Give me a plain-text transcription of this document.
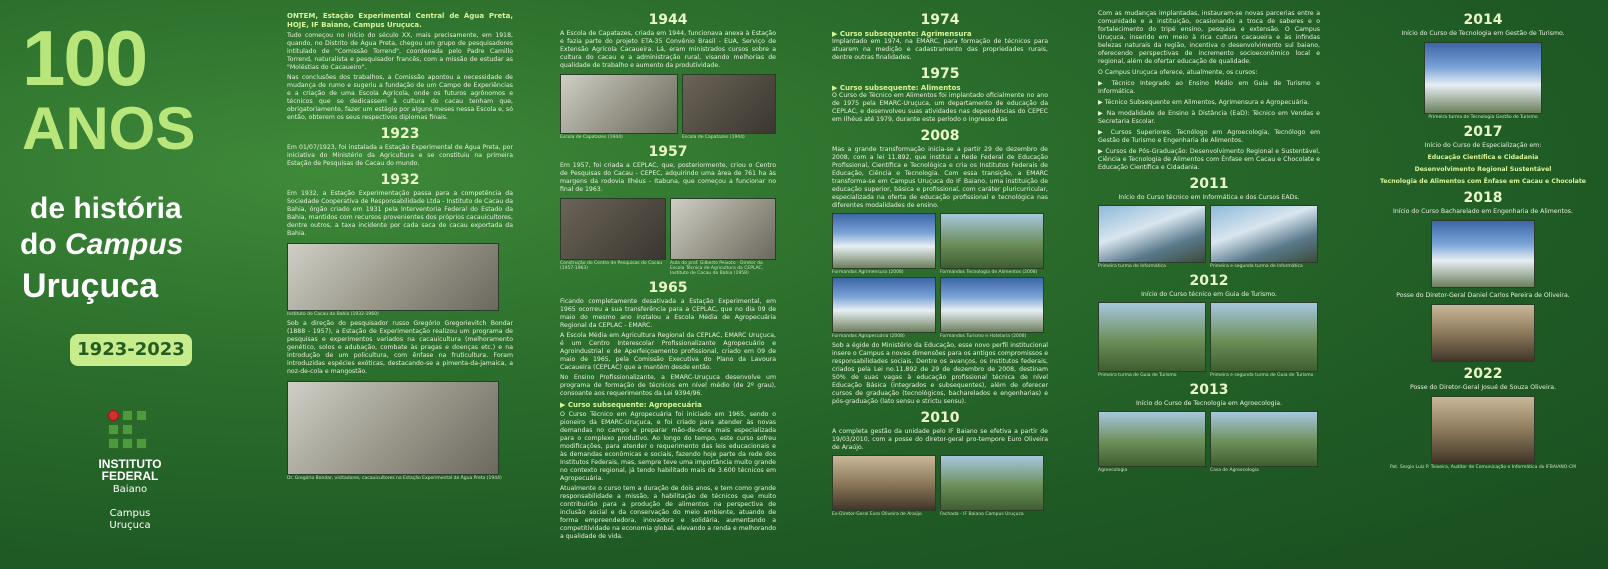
100
ANOS
de história
do Campus
Uruçuca
1923-2023
INSTITUTO
FEDERAL
Baiano
Campus
Uruçuca
ONTEM, Estação Experimental Central de Água Preta, HOJE, IF Baiano, Campus Uruçuca.
Tudo começou no início do século XX, mais precisamente, em 1918, quando, no Distrito de Água Preta, chegou um grupo de pesquisadores intitulado de "Comissão Torrend", coordenada pelo Padre Camillo Torrend, naturalista e pesquisador francês, com a missão de estudar as "Moléstias do Cacaueiro".
Nas conclusões dos trabalhos, a Comissão apontou a necessidade de mudança de rumo e sugeriu a fundação de um Campo de Experiências e a criação de uma Escola Agrícola, onde os futuros agrônomos e técnicos que se dedicassem à cultura do cacau tenham que, obrigatoriamente, fazer um estágio por alguns meses nessa Escola e, só então, obterem os seus respectivos diplomas finais.
1923
Em 01/07/1923, foi instalada a Estação Experimental de Água Preta, por iniciativa do Ministério da Agricultura e se constituiu na primeira Estação de Pesquisas de Cacau do mundo.
1932
Em 1932, a Estação Experimentação passa para a competência da Sociedade Cooperativa de Responsabilidade Ltda - Instituto de Cacau da Bahia, órgão criado em 1931 pela Interventoria Federal do Estado da Bahia, mantidos com recursos provenientes dos próprios cacauicultores, dentre outros, a taxa incidente por cada saca de cacau exportada da Bahia.
Instituto do Cacau da Bahia (1932-1960)
Sob a direção do pesquisador russo Gregório Gregorievitch Bondar (1888 - 1957), a Estação de Experimentação realizou um programa de pesquisas e experimentos variados na cacauicultura (melhoramento genético, solos e adubação, combate às pragas e doenças etc.) e na introdução de um policultura, com ênfase na fruticultura. Foram introduzidas espécies exóticas, destacando-se a pimenta-da-jamaica, a noz-de-cola e mangostão.
Dr. Gregório Bondar, visitadores, cacauicultores na Estação Experimental de Água Preta (1944)
1944
A Escola de Capatazes, criada em 1944, funcionava anexa à Estação e fazia parte do projeto ETA-35 Convênio Brasil - EUA, Serviço de Extensão Agrícola Cacaueira. Lá, eram ministrados cursos sobre a cultura do cacau e a administração rural, visando melhorias de qualidade de trabalho e aumento da produtividade.
Escola de Capatazes (1944)	Escola de Capatazes (1944)
1957
Em 1957, foi criada a CEPLAC, que, posteriormente, criou o Centro de Pesquisas do Cacau - CEPEC, adquirindo uma área de 761 ha às margens da rodovia Ilhéus - Itabuna, que começou a funcionar no final de 1963.
Construção do Centro de Pesquisas do Cacau (1957-1963)
Aula do prof. Gilberto Peixoto - Diretor da Escola Técnica de Agricultura da CEPLAC, Instituto de Cacau da Bahia (1958)
1965
Ficando completamente desativada a Estação Experimental, em 1965 ocorreu a sua transferência para a CEPLAC, que no dia 09 de maio do mesmo ano instalou a Escola Média de Agropecuária Regional da CEPLAC - EMARC.
A Escola Média em Agricultura Regional da CEPLAC, EMARC Uruçuca, é um Centro Interescolar Profissionalizante Agropecuário e Agroindustrial e de Aperfeiçoamento profissional, criado em 09 de maio de 1965, pela Comissão Executiva do Plano da Lavoura Cacaueira (CEPLAC) que a mantém desde então.
No Ensino Profissionalizante, a EMARC-Uruçuca desenvolve um programa de formação de técnicos em nível médio (de 2º grau), consoante aos requerimentos da Lei 9394/96.
▶ Curso subsequente: Agropecuária
O Curso Técnico em Agropecuária foi iniciado em 1965, sendo o pioneiro da EMARC-Uruçuca, e foi criado para atender às novas demandas no campo e preparar mão-de-obra mais especializada para o complexo produtivo. Ao longo do tempo, este curso sofreu modificações, para atender o requerimento das leis educacionais e às demandas econômicas e sociais, fazendo hoje parte da rede dos Institutos Federais, mas, sempre teve uma importância muito grande no contexto regional, já tendo habilitado mais de 3.600 técnicos em Agropecuária.
Atualmente o curso tem a duração de dois anos, e tem como grande responsabilidade a missão, a habilitação de técnicos que muito contribuirão para a produção de alimentos na perspectiva de inclusão social e da conservação do meio ambiente, atuando de forma empreendedora, inovadora e solidária, aumentando a competitividade na economia global, elevando a renda e melhorando a qualidade de vida.
1974
▶ Curso subsequente: Agrimensura
Implantado em 1974, na EMARC, para formação de técnicos para atuarem na medição e cadastramento das propriedades rurais, dentre outras finalidades.
1975
▶ Curso subsequente: Alimentos
O Curso de Técnico em Alimentos foi implantado oficialmente no ano de 1975 pela EMARC-Uruçuca, um departamento de educação da CEPLAC, e desenvolveu suas atividades nas dependências do CEPEC em Ilhéus até 1979, durante este período o ingresso das
2008
Mas a grande transformação inicia-se a partir 29 de dezembro de 2008, com a lei 11.892, que institui a Rede Federal de Educação Profissional, Científica e Tecnológica e cria os Institutos Federais de Educação, Ciência e Tecnologia. Com essa transição, a EMARC transforma-se em Campus Uruçuca do IF Baiano, uma instituição de educação superior, básica e profissional, com caráter pluricurricular, especializada na oferta de educação profissional e tecnológica nas diferentes modalidades de ensino.
Formandos Agrimensura (2008)	Formandos Tecnologia de Alimentos (2008)
Formandos Agropecuária (2008)	Formandos Turismo e Hotelaria (2008)
Sob a égide do Ministério da Educação, esse novo perfil institucional insere o Campus a novas dimensões para os antigos compromissos e responsabilidades sociais. Dentre os avanços, os institutos federais, criados pela Lei no.11.892 de 29 de dezembro de 2008, destinam 50% de suas vagas à educação profissional técnica de nível Educação Básica (integrados e subsequentes), além de oferecer cursos de graduação (tecnológicos, bacharelados e engenharias) e pós-graduação (lato sensu e strictu sensu).
2010
A completa gestão da unidade pelo IF Baiano se efetiva a partir de 19/03/2010, com a posse do diretor-geral pro-tempore Euro Oliveira de Araújo.
Ex-Diretor-Geral Euro Oliveira de Araújo	Fachada - IF Baiano Campus Uruçuca
Com as mudanças implantadas, instauram-se novas parcerias entre a comunidade e a instituição, ocasionando a troca de saberes e o fortalecimento do tripé ensino, pesquisa e extensão. O Campus Uruçuca, inserido em meio à rica cultura cacaueira e às infindas belezas naturais da região, incentiva o desenvolvimento sul baiano, oferecendo perspectivas de incremento socioeconômico local e regional, além de ofertar educação de qualidade.
O Campus Uruçuca oferece, atualmente, os cursos:
▶ Técnico Integrado ao Ensino Médio em Guia de Turismo e Informática.
▶ Técnico Subsequente em Alimentos, Agrimensura e Agropecuária.
▶ Na modalidade de Ensino à Distância (EaD): Técnico em Vendas e Secretaria Escolar.
▶ Cursos Superiores: Tecnólogo em Agroecologia, Tecnólogo em Gestão de Turismo e Engenharia de Alimentos.
▶ Cursos de Pós-Graduação: Desenvolvimento Regional e Sustentável, Ciência e Tecnologia de Alimentos com Ênfase em Cacau e Chocolate e Educação Científica e Cidadania.
2011
Início do Curso técnico em Informática e dos Cursos EADs.
Primeira turma de Informática	Primeira e segunda turma de Informática
2012
Início do Curso técnico em Guia de Turismo.
Primeira turma de Guia de Turismo	Primeira e segunda turma de Guia de Turismo
2013
Início do Curso de Tecnologia em Agroecologia.
Agroecologia	Casa de Agroecologia
2014
Início do Curso de Tecnologia em Gestão de Turismo.
Primeira turma de Tecnologia Gestão de Turismo
2017
Início do Curso de Especialização em:
Educação Científica e Cidadania
Desenvolvimento Regional Sustentável
Tecnologia de Alimentos com Ênfase em Cacau e Chocolate
2018
Início do Curso Bacharelado em Engenharia de Alimentos.
Posse do Diretor-Geral Daniel Carlos Pereira de Oliveira.
2022
Posse do Diretor-Geral Josué de Souza Oliveira.
Pat. Sergio Luiz P. Teixeira, Auditor de Comunicação e Informática do IFBAIANO-CM
